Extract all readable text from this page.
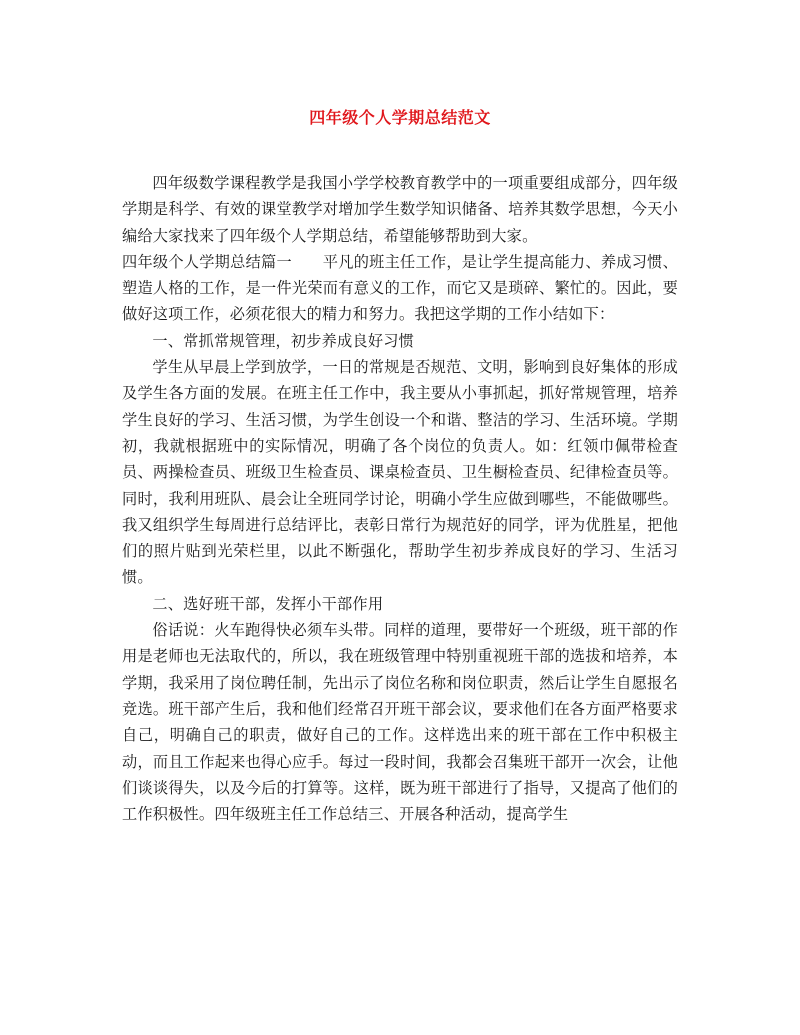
四年级个人学期总结范文

四年级数学课程教学是我国小学学校教育教学中的一项重要组成部分，四年级学期是科学、有效的课堂教学对增加学生数学知识储备、培养其数学思想，今天小编给大家找来了四年级个人学期总结，希望能够帮助到大家。

四年级个人学期总结篇一　　平凡的班主任工作，是让学生提高能力、养成习惯、塑造人格的工作，是一件光荣而有意义的工作，而它又是琐碎、繁忙的。因此，要做好这项工作，必须花很大的精力和努力。我把这学期的工作小结如下：

一、常抓常规管理，初步养成良好习惯

学生从早晨上学到放学，一日的常规是否规范、文明，影响到良好集体的形成及学生各方面的发展。在班主任工作中，我主要从小事抓起，抓好常规管理，培养学生良好的学习、生活习惯，为学生创设一个和谐、整洁的学习、生活环境。学期初，我就根据班中的实际情况，明确了各个岗位的负责人。如：红领巾佩带检查员、两操检查员、班级卫生检查员、课桌检查员、卫生橱检查员、纪律检查员等。同时，我利用班队、晨会让全班同学讨论，明确小学生应做到哪些，不能做哪些。我又组织学生每周进行总结评比，表彰日常行为规范好的同学，评为优胜星，把他们的照片贴到光荣栏里，以此不断强化，帮助学生初步养成良好的学习、生活习惯。

二、选好班干部，发挥小干部作用

俗话说：火车跑得快必须车头带。同样的道理，要带好一个班级，班干部的作用是老师也无法取代的，所以，我在班级管理中特别重视班干部的选拔和培养，本学期，我采用了岗位聘任制，先出示了岗位名称和岗位职责，然后让学生自愿报名竞选。班干部产生后，我和他们经常召开班干部会议，要求他们在各方面严格要求自己，明确自己的职责，做好自己的工作。这样选出来的班干部在工作中积极主动，而且工作起来也得心应手。每过一段时间，我都会召集班干部开一次会，让他们谈谈得失，以及今后的打算等。这样，既为班干部进行了指导，又提高了他们的工作积极性。四年级班主任工作总结三、开展各种活动，提高学生
